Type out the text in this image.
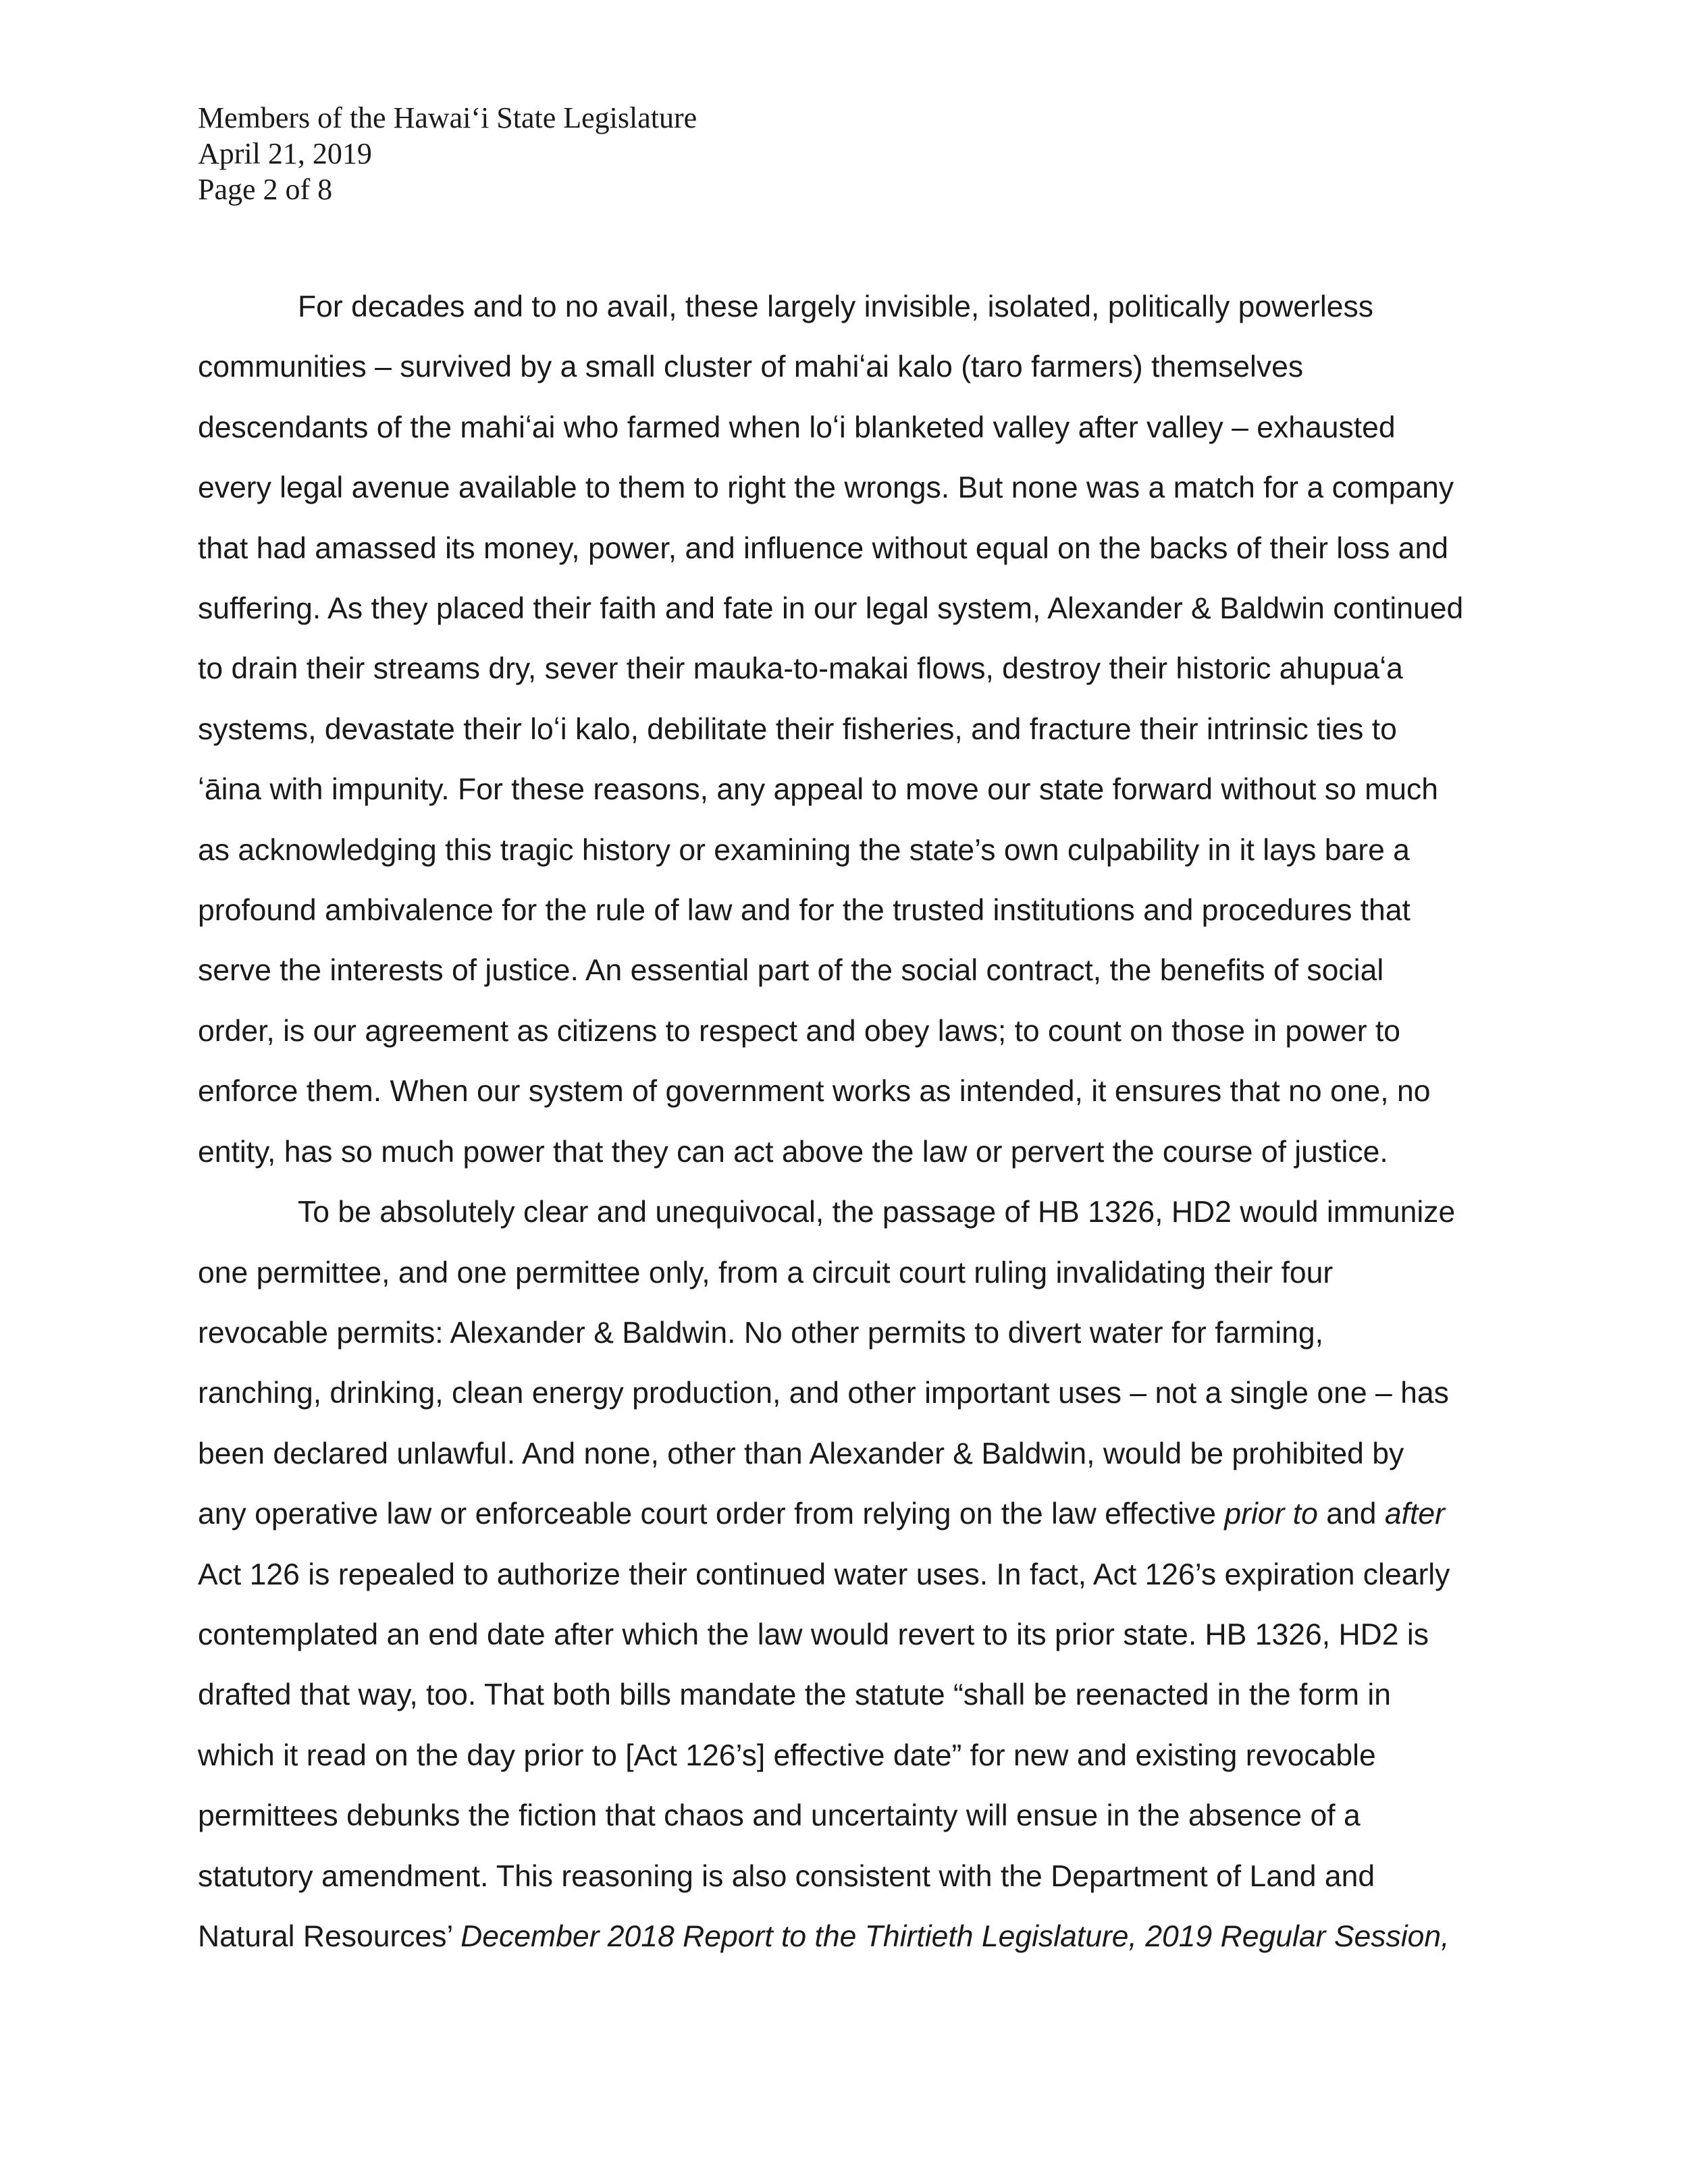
Members of the Hawaiʻi State Legislature
April 21, 2019
Page 2 of 8
For decades and to no avail, these largely invisible, isolated, politically powerless
communities – survived by a small cluster of mahiʻai kalo (taro farmers) themselves
descendants of the mahiʻai who farmed when loʻi blanketed valley after valley – exhausted
every legal avenue available to them to right the wrongs. But none was a match for a company
that had amassed its money, power, and influence without equal on the backs of their loss and
suffering. As they placed their faith and fate in our legal system, Alexander & Baldwin continued
to drain their streams dry, sever their mauka-to-makai flows, destroy their historic ahupuaʻa
systems, devastate their loʻi kalo, debilitate their fisheries, and fracture their intrinsic ties to
ʻāina with impunity. For these reasons, any appeal to move our state forward without so much
as acknowledging this tragic history or examining the state’s own culpability in it lays bare a
profound ambivalence for the rule of law and for the trusted institutions and procedures that
serve the interests of justice. An essential part of the social contract, the benefits of social
order, is our agreement as citizens to respect and obey laws; to count on those in power to
enforce them. When our system of government works as intended, it ensures that no one, no
entity, has so much power that they can act above the law or pervert the course of justice.
To be absolutely clear and unequivocal, the passage of HB 1326, HD2 would immunize
one permittee, and one permittee only, from a circuit court ruling invalidating their four
revocable permits: Alexander & Baldwin. No other permits to divert water for farming,
ranching, drinking, clean energy production, and other important uses – not a single one – has
been declared unlawful. And none, other than Alexander & Baldwin, would be prohibited by
any operative law or enforceable court order from relying on the law effective prior to and after
Act 126 is repealed to authorize their continued water uses. In fact, Act 126’s expiration clearly
contemplated an end date after which the law would revert to its prior state. HB 1326, HD2 is
drafted that way, too. That both bills mandate the statute “shall be reenacted in the form in
which it read on the day prior to [Act 126’s] effective date” for new and existing revocable
permittees debunks the fiction that chaos and uncertainty will ensue in the absence of a
statutory amendment. This reasoning is also consistent with the Department of Land and
Natural Resources’ December 2018 Report to the Thirtieth Legislature, 2019 Regular Session,
